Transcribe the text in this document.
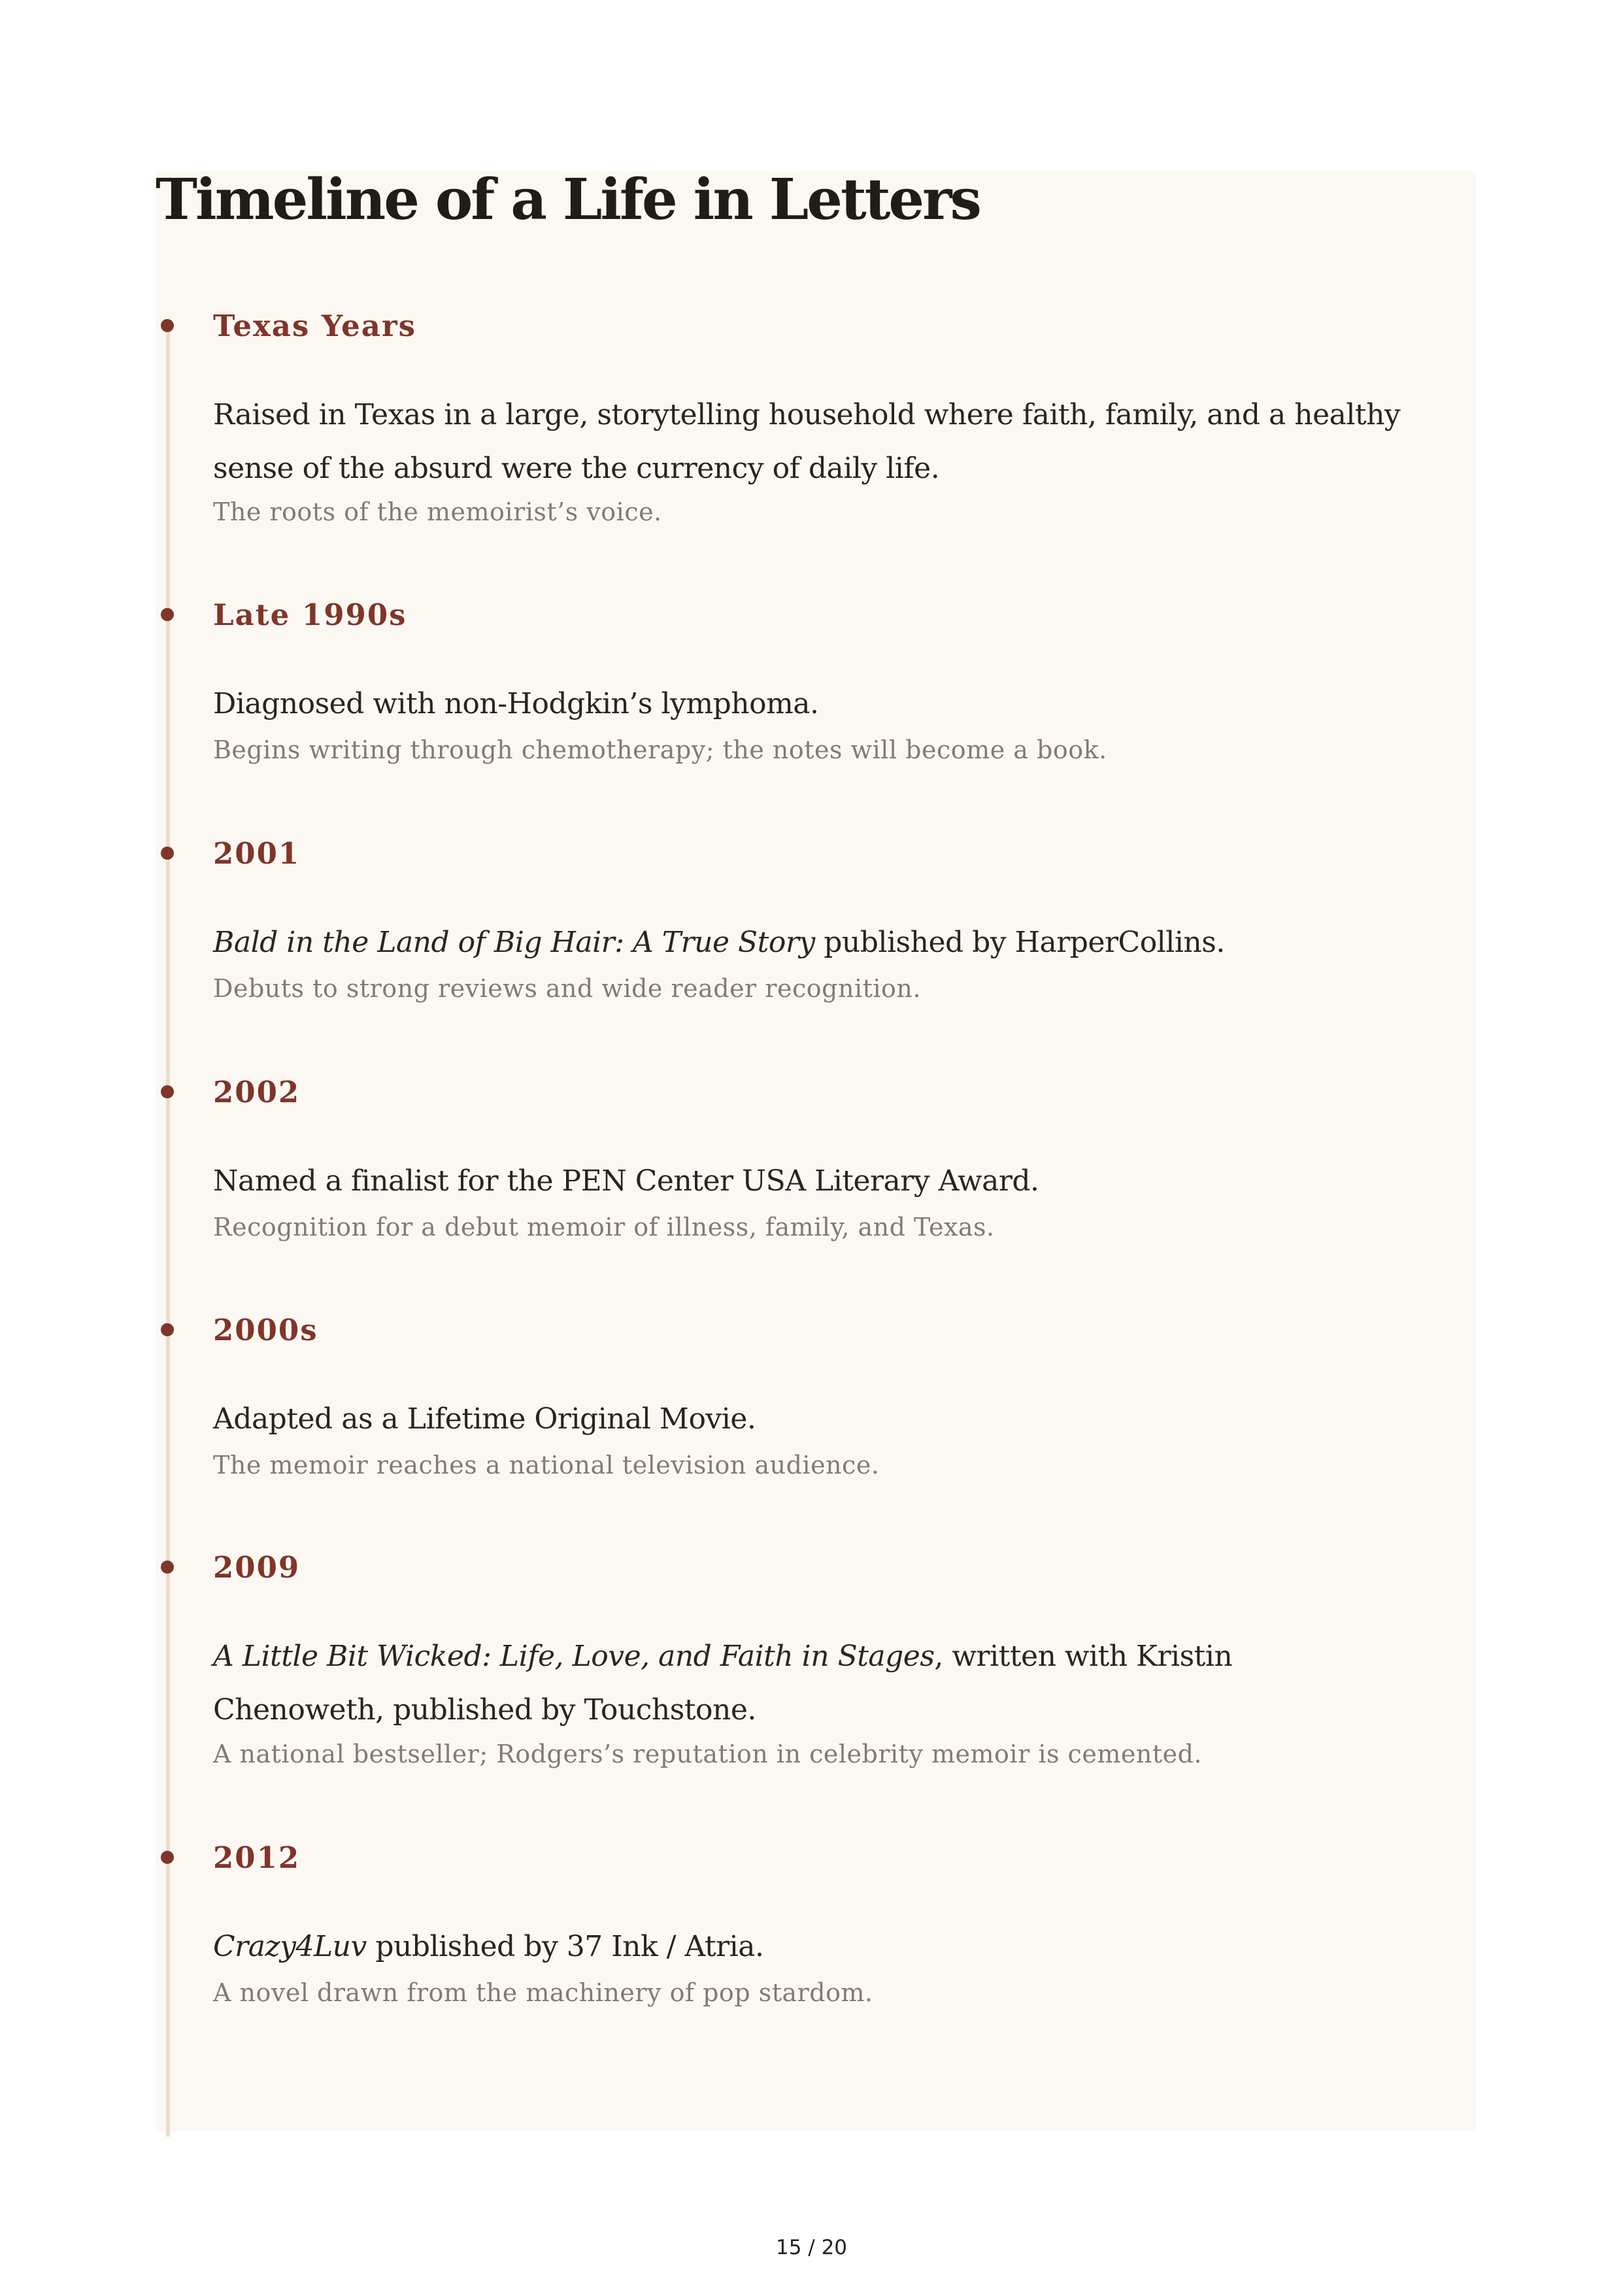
Timeline of a Life in Letters
Texas Years
Raised in Texas in a large, storytelling household where faith, family, and a healthy sense of the absurd were the currency of daily life.
The roots of the memoirist’s voice.
Late 1990s
Diagnosed with non-Hodgkin’s lymphoma.
Begins writing through chemotherapy; the notes will become a book.
2001
Bald in the Land of Big Hair: A True Story published by HarperCollins.
Debuts to strong reviews and wide reader recognition.
2002
Named a finalist for the PEN Center USA Literary Award.
Recognition for a debut memoir of illness, family, and Texas.
2000s
Adapted as a Lifetime Original Movie.
The memoir reaches a national television audience.
2009
A Little Bit Wicked: Life, Love, and Faith in Stages, written with Kristin Chenoweth, published by Touchstone.
A national bestseller; Rodgers’s reputation in celebrity memoir is cemented.
2012
Crazy4Luv published by 37 Ink / Atria.
A novel drawn from the machinery of pop stardom.
15 / 20
